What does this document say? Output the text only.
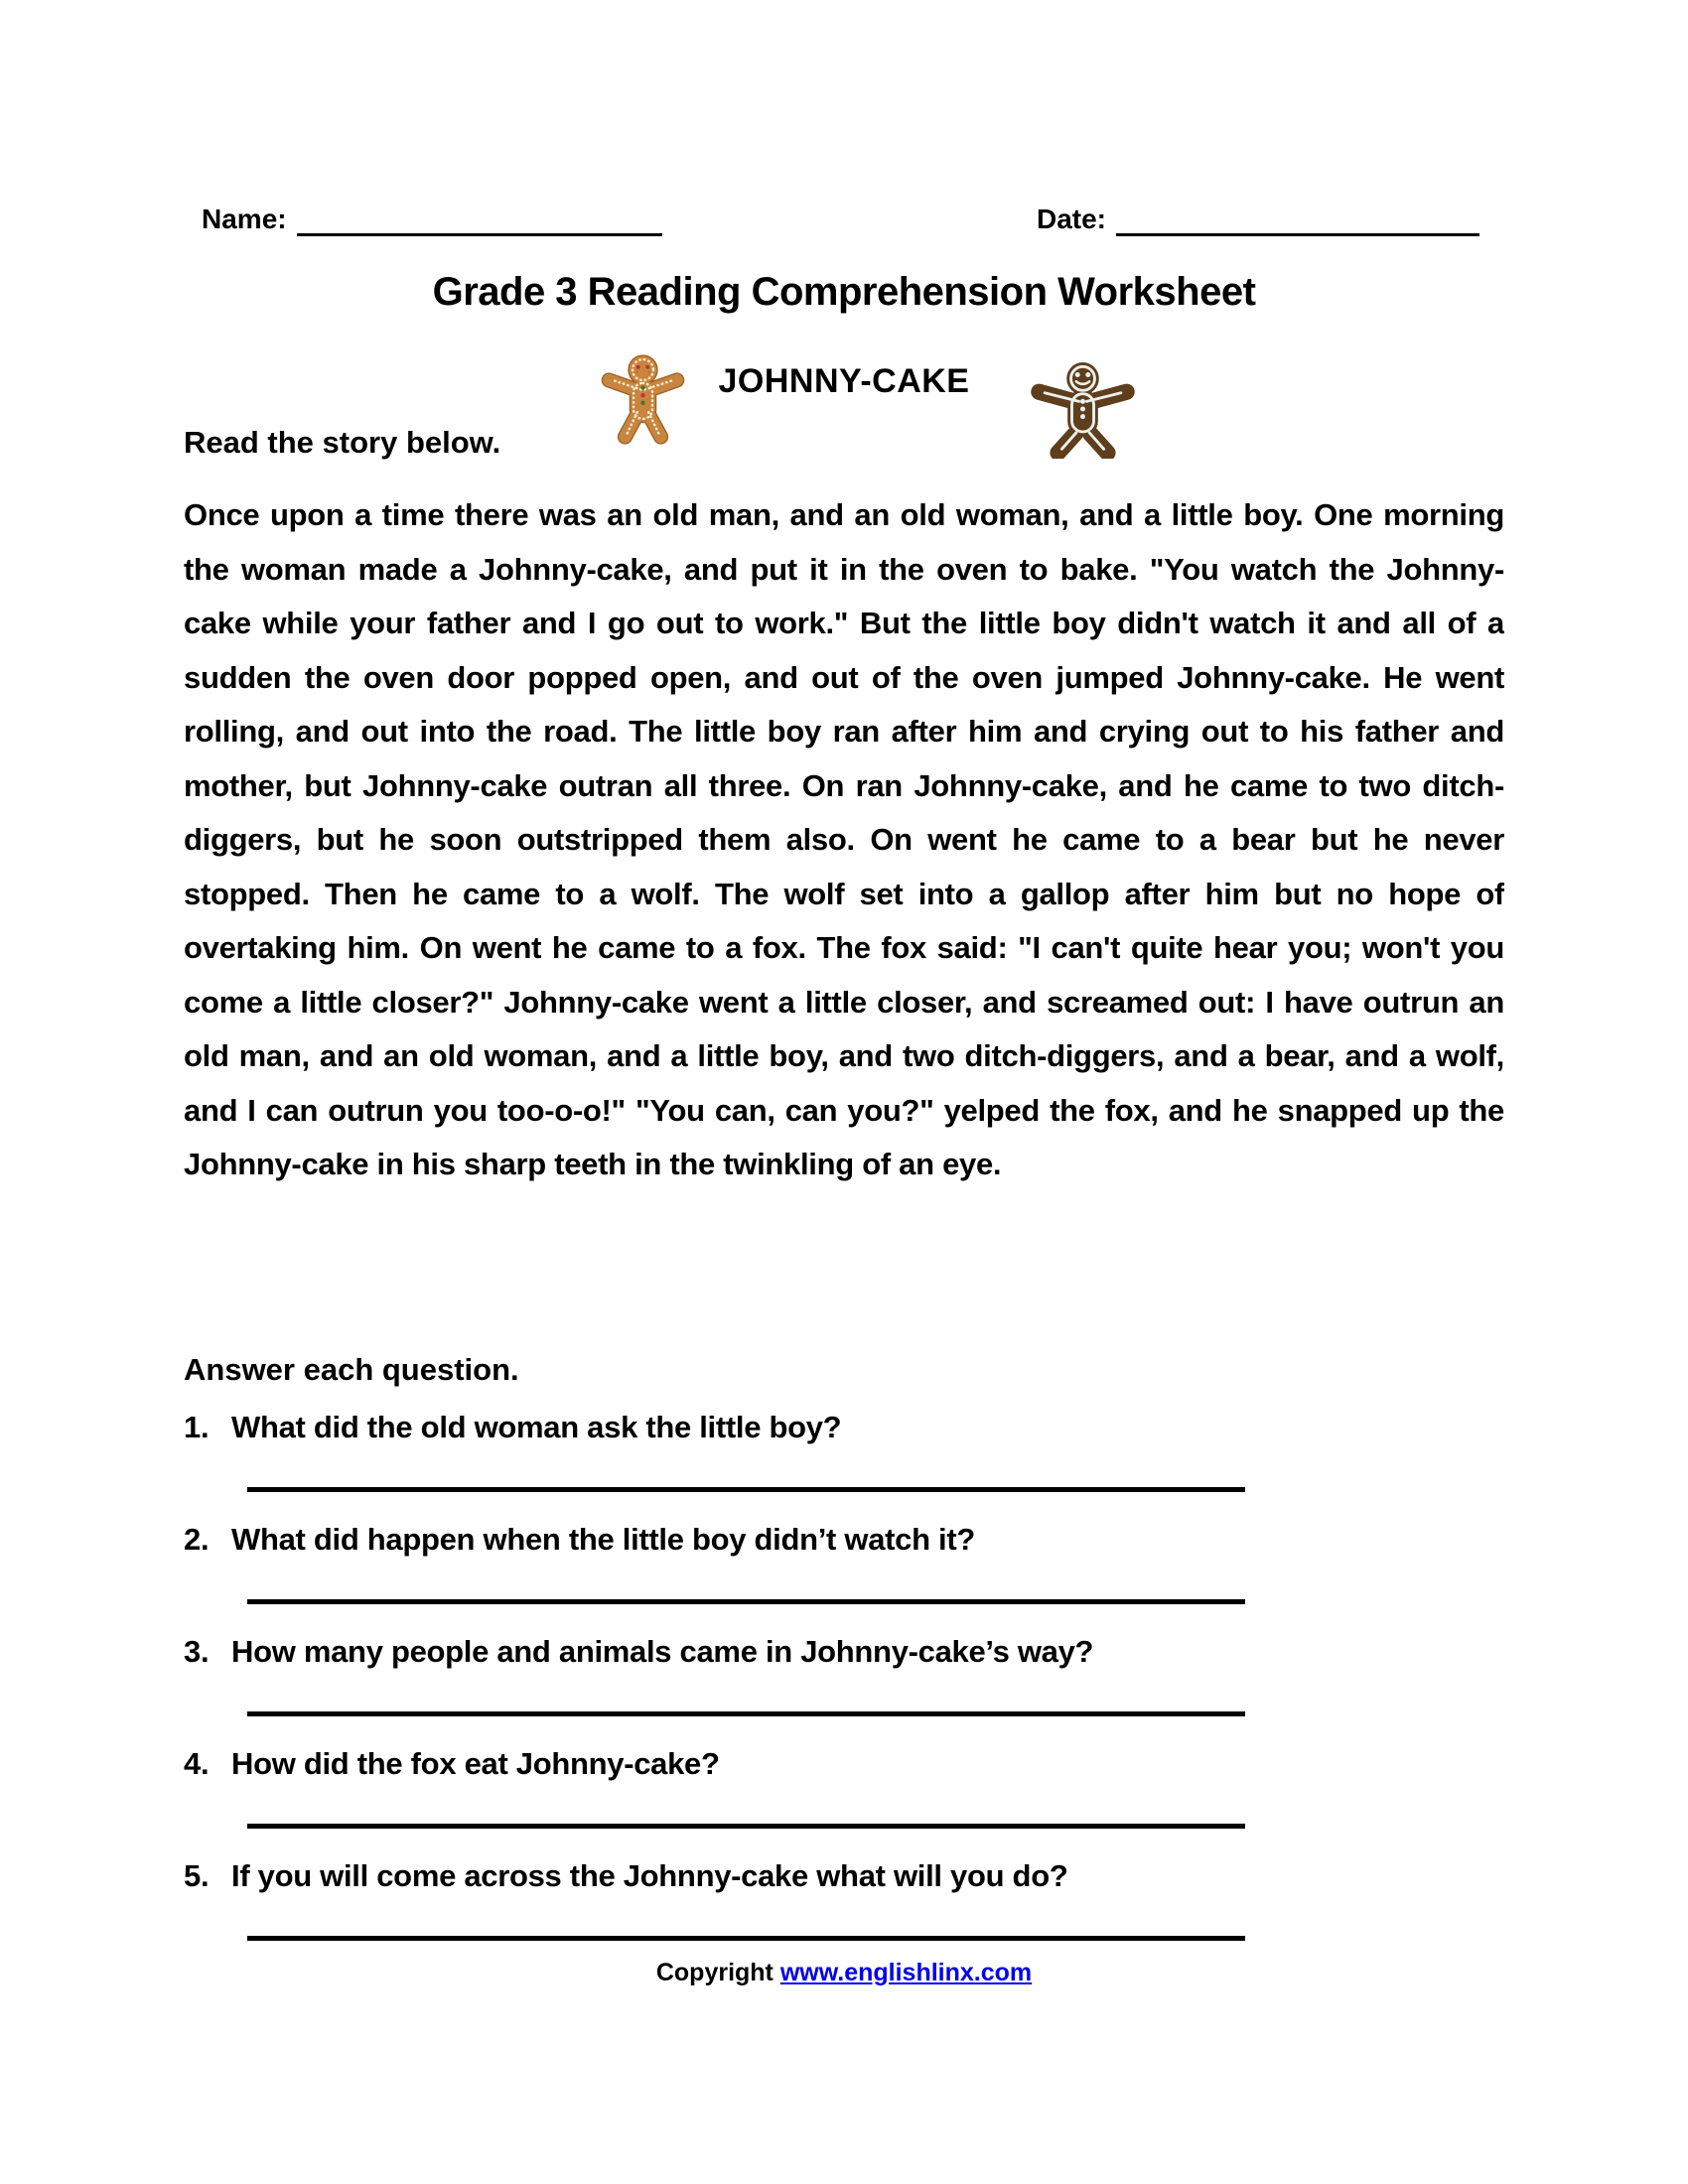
Name:	Date:
Grade 3 Reading Comprehension Worksheet
JOHNNY-CAKE
Read the story below.
Once upon a time there was an old man, and an old woman, and a little boy. One morning the woman made a Johnny-cake, and put it in the oven to bake. "You watch the Johnny-cake while your father and I go out to work." But the little boy didn't watch it and all of a sudden the oven door popped open, and out of the oven jumped Johnny-cake. He went rolling, and out into the road. The little boy ran after him and crying out to his father and mother, but Johnny-cake outran all three. On ran Johnny-cake, and he came to two ditch-diggers, but he soon outstripped them also. On went he came to a bear but he never stopped. Then he came to a wolf. The wolf set into a gallop after him but no hope of overtaking him. On went he came to a fox. The fox said: "I can't quite hear you; won't you come a little closer?" Johnny-cake went a little closer, and screamed out: I have outrun an old man, and an old woman, and a little boy, and two ditch-diggers, and a bear, and a wolf, and I can outrun you too-o-o!" "You can, can you?" yelped the fox, and he snapped up the Johnny-cake in his sharp teeth in the twinkling of an eye.
Answer each question.
1. What did the old woman ask the little boy?
2. What did happen when the little boy didn’t watch it?
3. How many people and animals came in Johnny-cake’s way?
4. How did the fox eat Johnny-cake?
5. If you will come across the Johnny-cake what will you do?
Copyright www.englishlinx.com
